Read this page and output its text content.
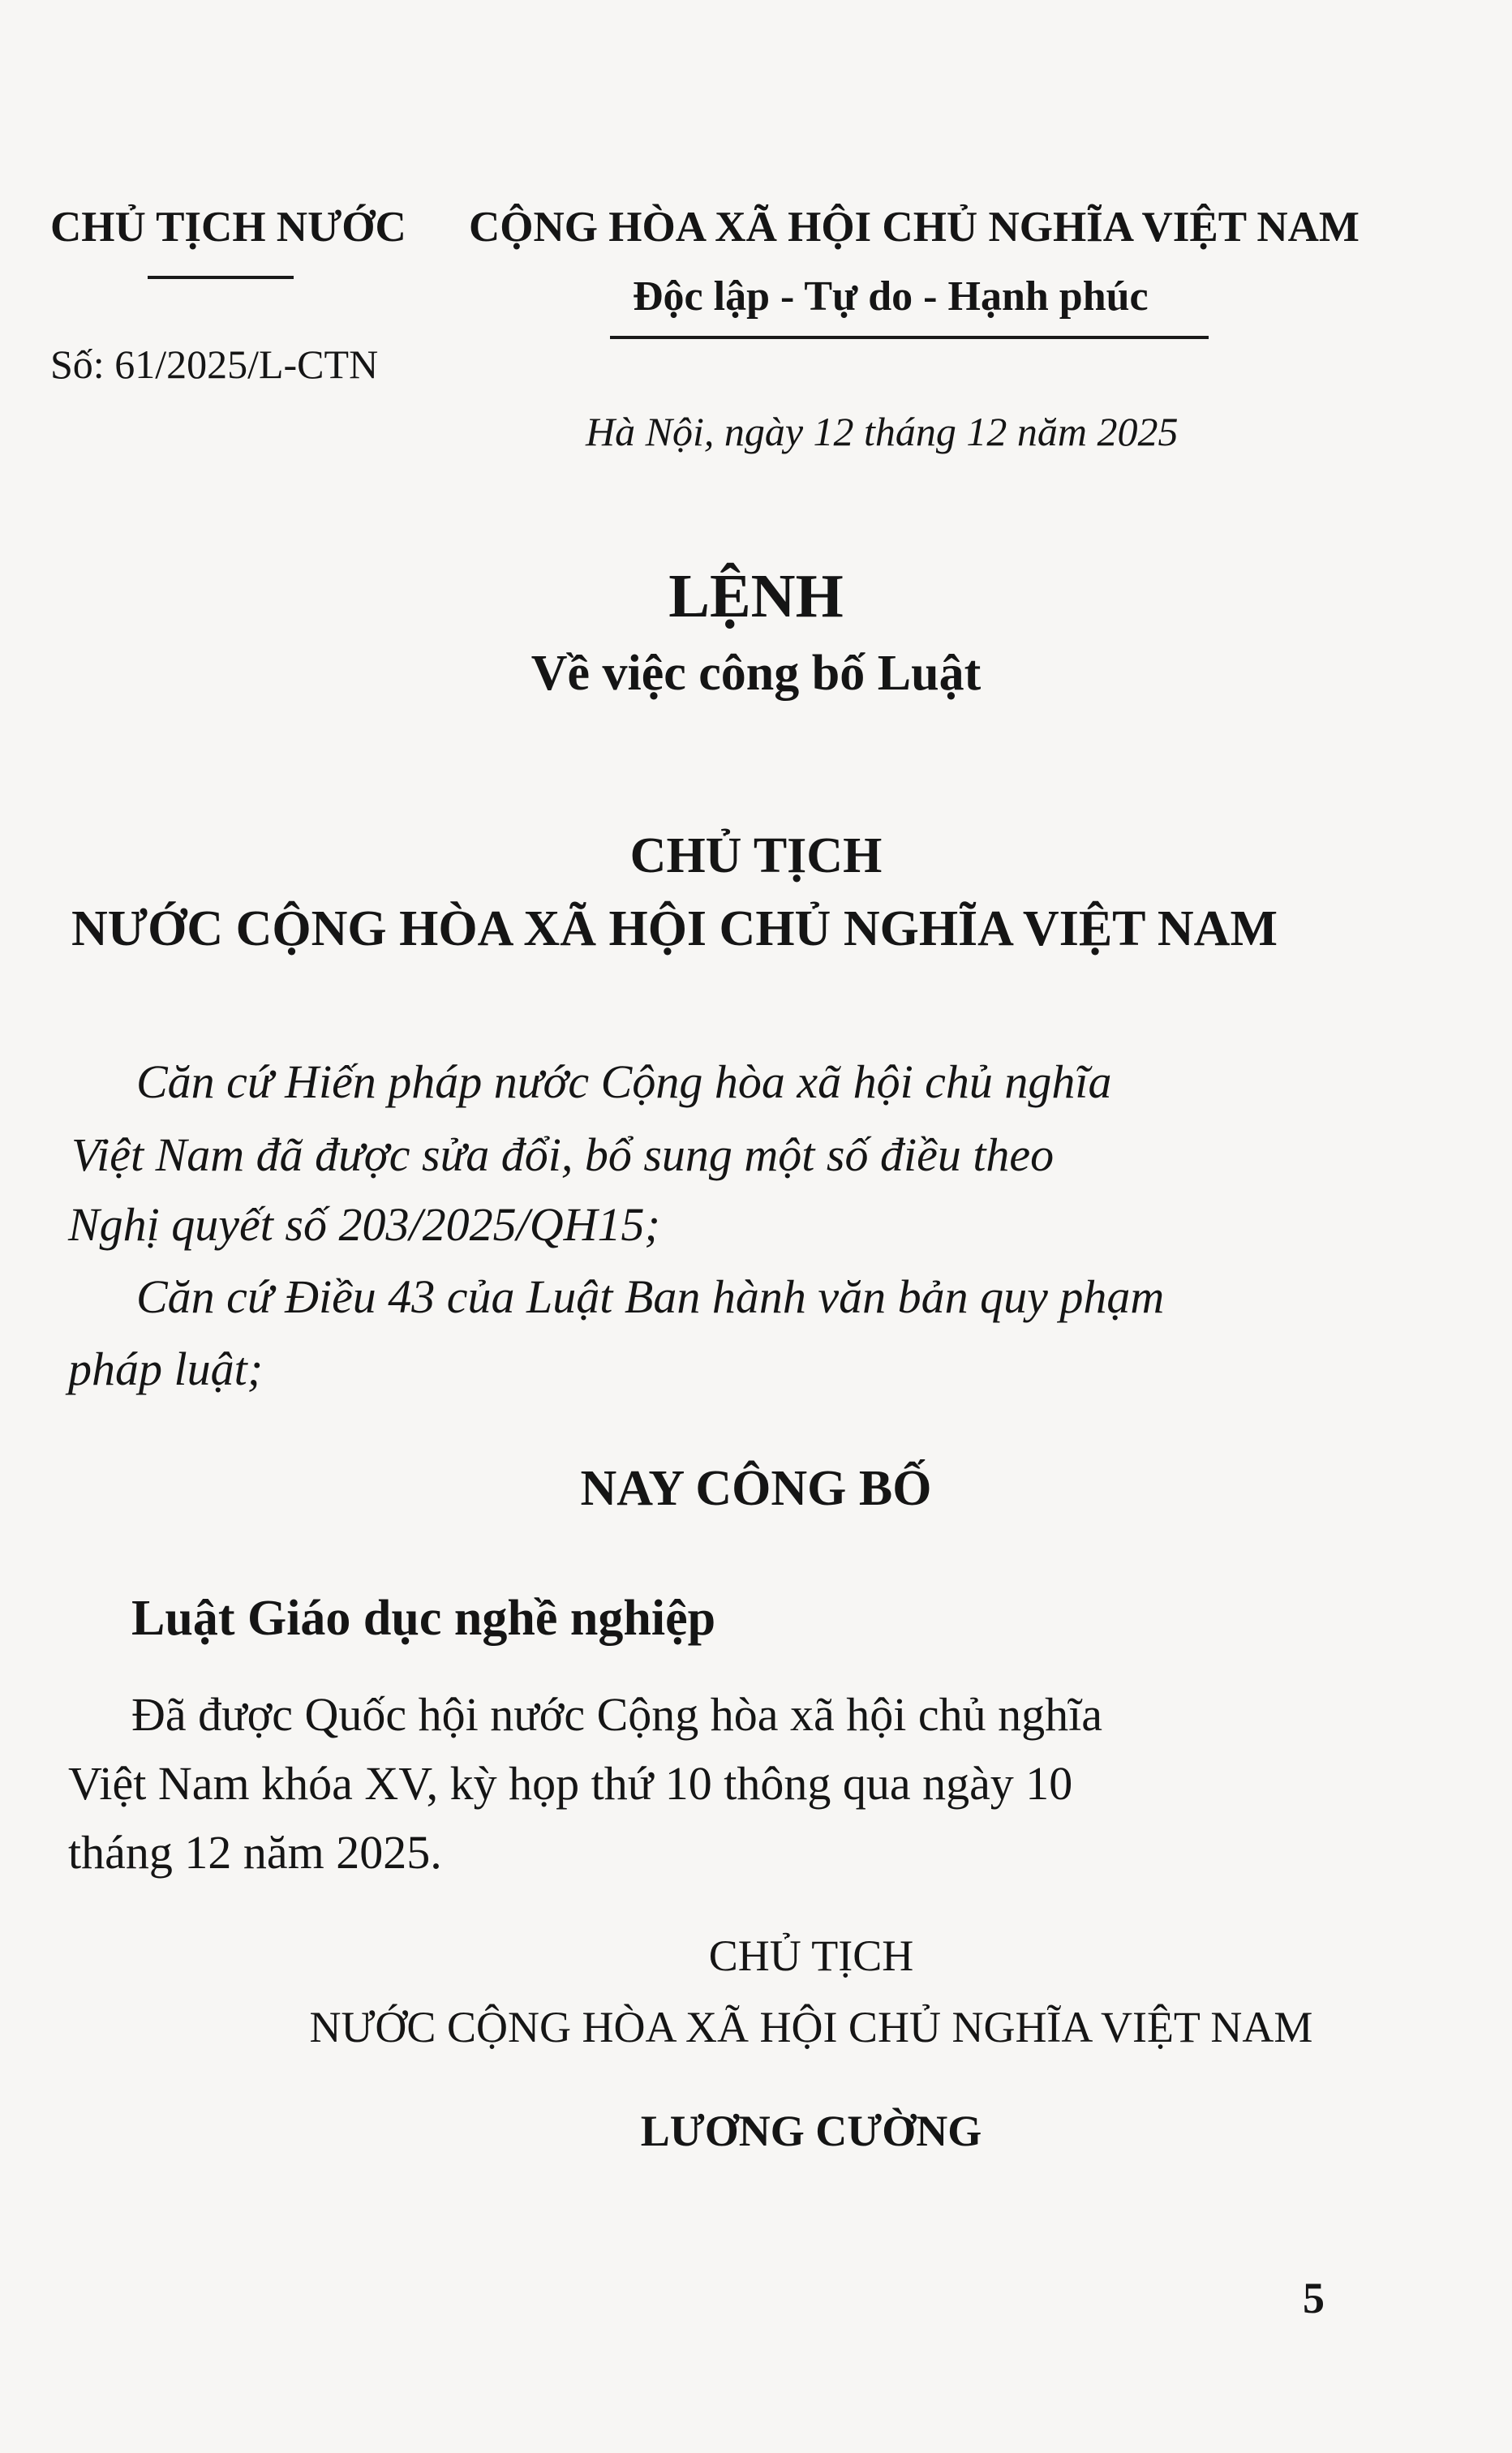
CHỦ TỊCH NƯỚC
Số: 61/2025/L-CTN
CỘNG HÒA XÃ HỘI CHỦ NGHĨA VIỆT NAM
Độc lập - Tự do - Hạnh phúc
Hà Nội, ngày 12 tháng 12 năm 2025
LỆNH
Về việc công bố Luật
CHỦ TỊCH
NƯỚC CỘNG HÒA XÃ HỘI CHỦ NGHĨA VIỆT NAM
Căn cứ Hiến pháp nước Cộng hòa xã hội chủ nghĩa
Việt Nam đã được sửa đổi, bổ sung một số điều theo
Nghị quyết số 203/2025/QH15;
Căn cứ Điều 43 của Luật Ban hành văn bản quy phạm
pháp luật;
NAY CÔNG BỐ
Luật Giáo dục nghề nghiệp
Đã được Quốc hội nước Cộng hòa xã hội chủ nghĩa
Việt Nam khóa XV, kỳ họp thứ 10 thông qua ngày 10
tháng 12 năm 2025.
CHỦ TỊCH
NƯỚC CỘNG HÒA XÃ HỘI CHỦ NGHĨA VIỆT NAM
LƯƠNG CƯỜNG
5
